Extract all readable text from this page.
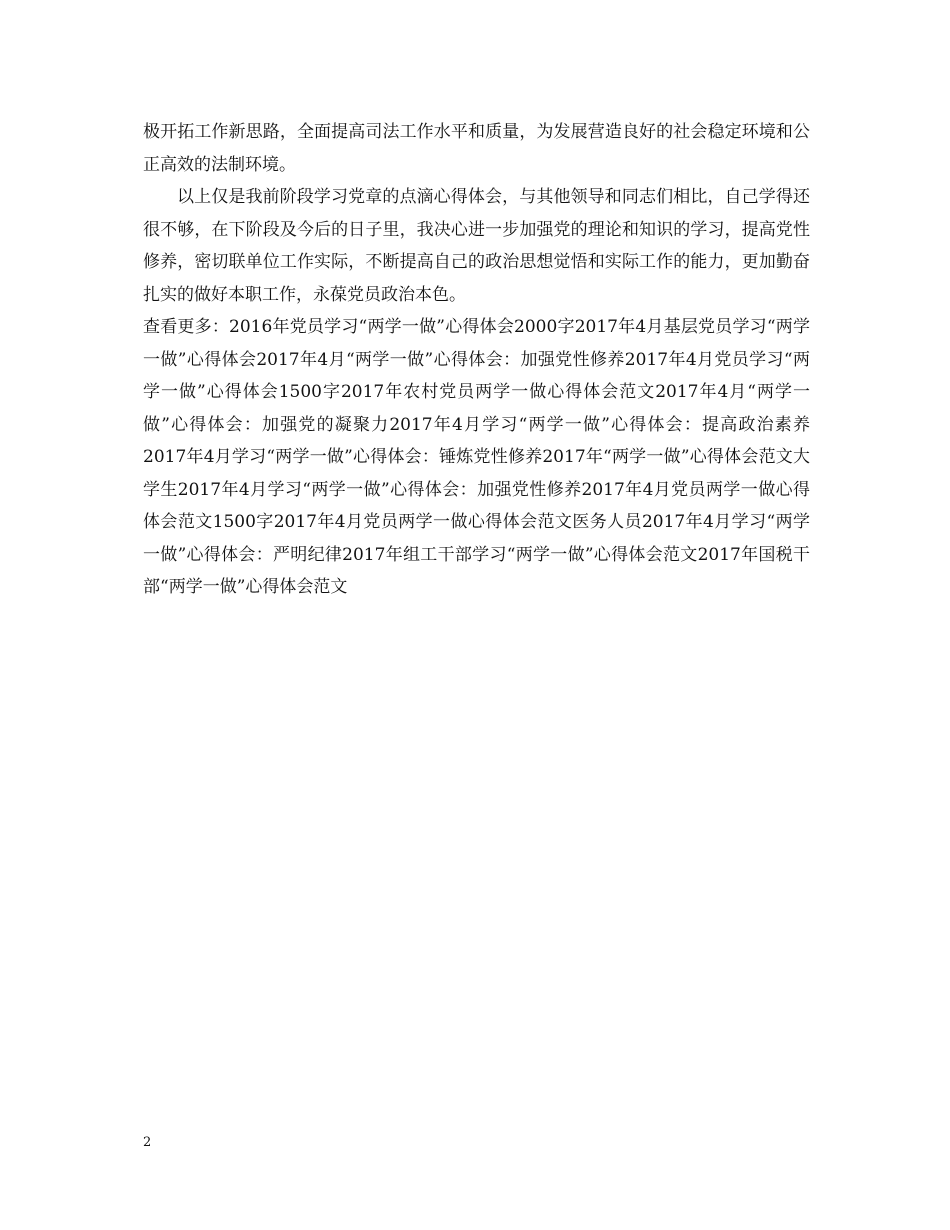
极开拓工作新思路，全面提高司法工作水平和质量，为发展营造良好的社会稳定环境和公正高效的法制环境。

以上仅是我前阶段学习党章的点滴心得体会，与其他领导和同志们相比，自己学得还很不够，在下阶段及今后的日子里，我决心进一步加强党的理论和知识的学习，提高党性修养，密切联单位工作实际，不断提高自己的政治思想觉悟和实际工作的能力，更加勤奋扎实的做好本职工作，永葆党员政治本色。

查看更多：2016年党员学习“两学一做”心得体会2000字2017年4月基层党员学习“两学一做”心得体会2017年4月“两学一做”心得体会：加强党性修养2017年4月党员学习“两学一做”心得体会1500字2017年农村党员两学一做心得体会范文2017年4月“两学一做”心得体会：加强党的凝聚力2017年4月学习“两学一做”心得体会：提高政治素养2017年4月学习“两学一做”心得体会：锤炼党性修养2017年“两学一做”心得体会范文大学生2017年4月学习“两学一做”心得体会：加强党性修养2017年4月党员两学一做心得体会范文1500字2017年4月党员两学一做心得体会范文医务人员2017年4月学习“两学一做”心得体会：严明纪律2017年组工干部学习“两学一做”心得体会范文2017年国税干部“两学一做”心得体会范文

2
